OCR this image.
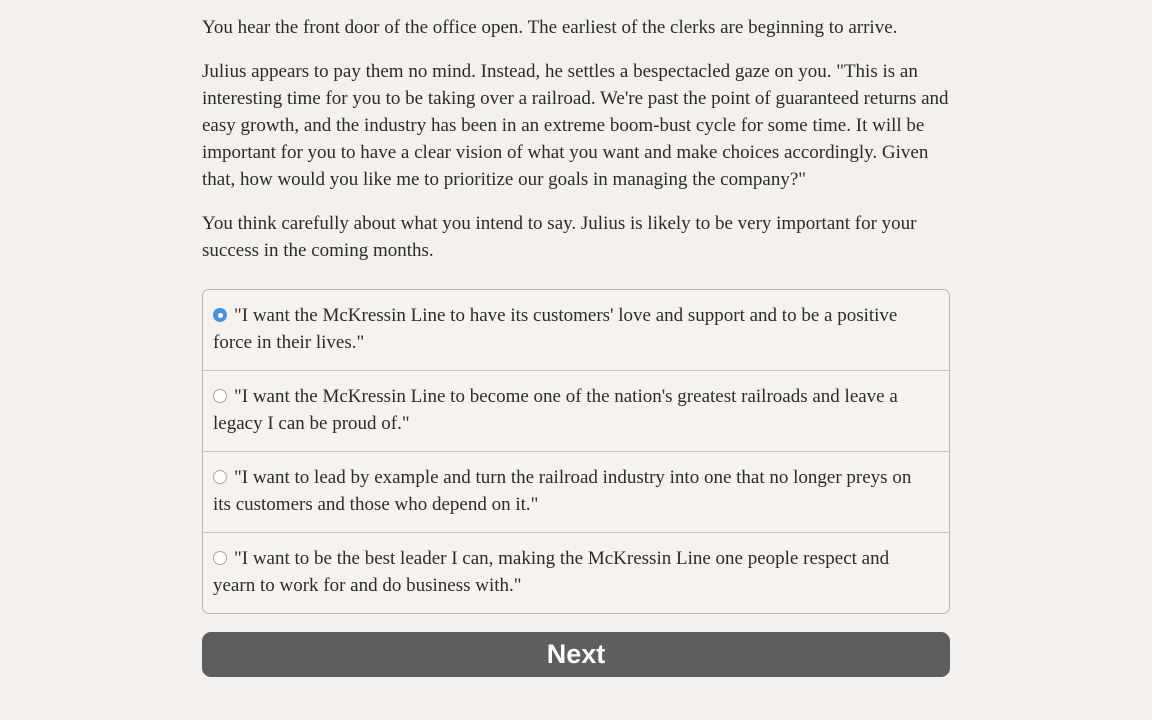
You hear the front door of the office open. The earliest of the clerks are beginning to arrive.

Julius appears to pay them no mind. Instead, he settles a bespectacled gaze on you. "This is an interesting time for you to be taking over a railroad. We're past the point of guaranteed returns and easy growth, and the industry has been in an extreme boom-bust cycle for some time. It will be important for you to have a clear vision of what you want and make choices accordingly. Given that, how would you like me to prioritize our goals in managing the company?"

You think carefully about what you intend to say. Julius is likely to be very important for your success in the coming months.

"I want the McKressin Line to have its customers' love and support and to be a positive force in their lives."
"I want the McKressin Line to become one of the nation's greatest railroads and leave a legacy I can be proud of."
"I want to lead by example and turn the railroad industry into one that no longer preys on its customers and those who depend on it."
"I want to be the best leader I can, making the McKressin Line one people respect and yearn to work for and do business with."
Next
